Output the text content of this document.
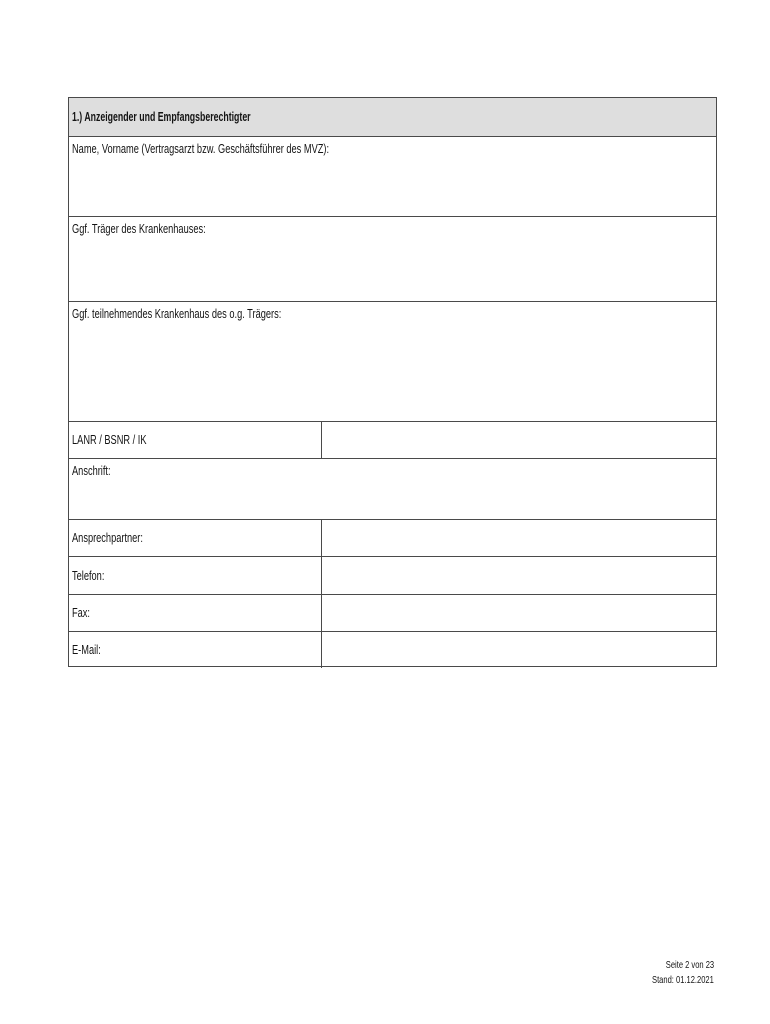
1.) Anzeigender und Empfangsberechtigter
Name, Vorname (Vertragsarzt bzw. Geschäftsführer des MVZ):
Ggf. Träger des Krankenhauses:
Ggf. teilnehmendes Krankenhaus des o.g. Trägers:
LANR / BSNR / IK
Anschrift:
Ansprechpartner:
Telefon:
Fax:
E-Mail:
Seite 2 von 23
Stand: 01.12.2021
